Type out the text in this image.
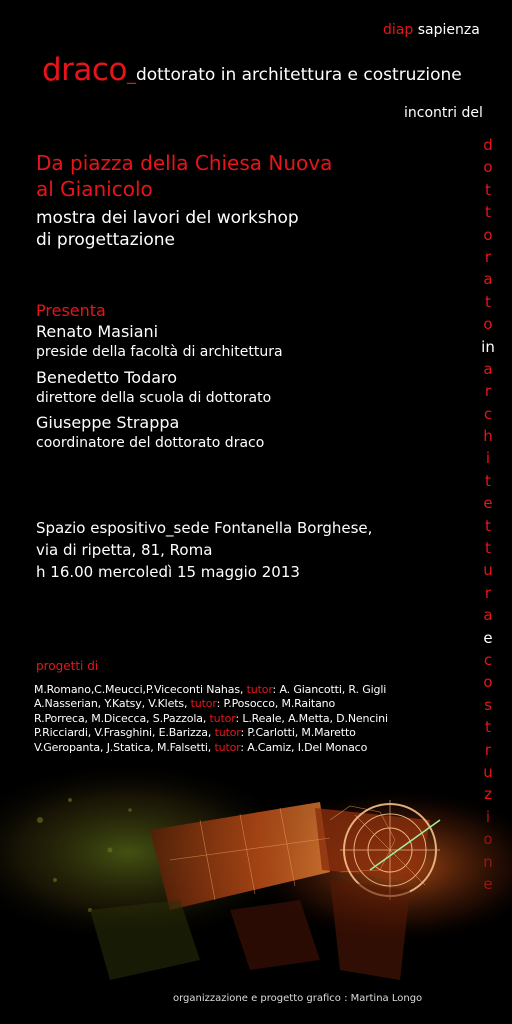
diap sapienza
draco_dottorato in architettura e costruzione
incontri del
d
o
t
t
o
r
a
t
o
in
a
r
c
h
i
t
e
t
t
u
r
a
e
c
o
s
t
r
Da piazza della Chiesa Nuova
al Gianicolo
mostra dei lavori del workshop
di progettazione
Presenta
Renato Masiani
preside della facoltà di architettura
Benedetto Todaro
direttore della scuola di dottorato
Giuseppe Strappa
coordinatore del dottorato draco
Spazio espositivo_sede Fontanella Borghese,
via di ripetta, 81, Roma
h 16.00 mercoledì 15 maggio 2013
progetti di
M.Romano,C.Meucci,P.Viceconti Nahas, tutor: A. Giancotti, R. Gigli
A.Nasserian, Y.Katsy, V.Klets, tutor: P.Posocco, M.Raitano
R.Porreca, M.Dicecca, S.Pazzola, tutor: L.Reale, A.Metta, D.Nencini
P.Ricciardi, V.Frasghini, E.Barizza, tutor: P.Carlotti, M.Maretto
V.Geropanta, J.Statica, M.Falsetti, tutor: A.Camiz, I.Del Monaco
organizzazione e progetto grafico : Martina Longo
